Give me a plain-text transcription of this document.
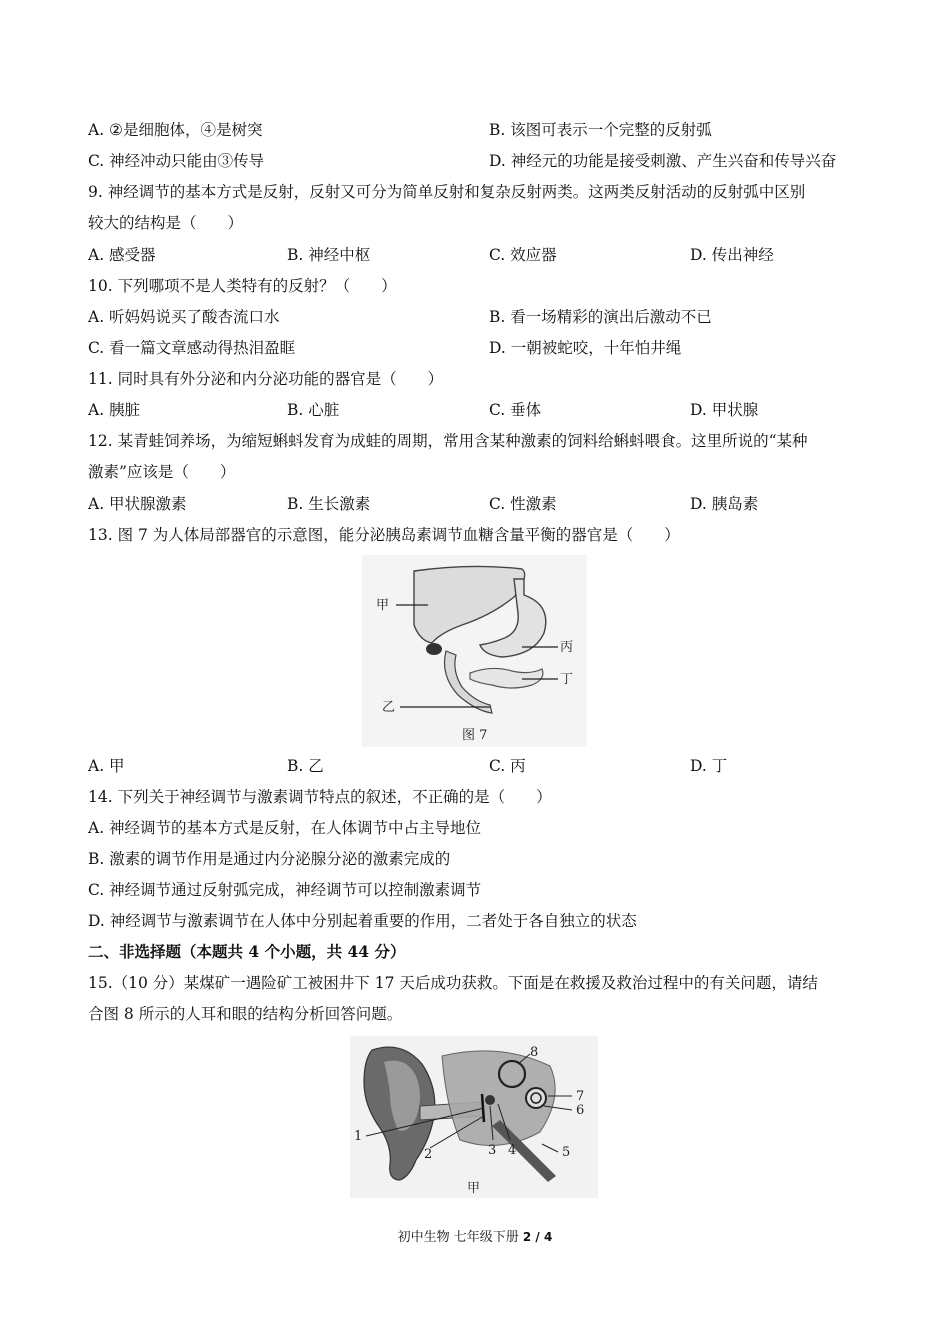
A. ②是细胞体，④是树突	B. 该图可表示一个完整的反射弧
C. 神经冲动只能由③传导	D. 神经元的功能是接受刺激、产生兴奋和传导兴奋
9. 神经调节的基本方式是反射，反射又可分为简单反射和复杂反射两类。这两类反射活动的反射弧中区别
较大的结构是（　　）
A. 感受器	B. 神经中枢	C. 效应器	D. 传出神经
10. 下列哪项不是人类特有的反射？（　　）
A. 听妈妈说买了酸杏流口水	B. 看一场精彩的演出后激动不已
C. 看一篇文章感动得热泪盈眶	D. 一朝被蛇咬，十年怕井绳
11. 同时具有外分泌和内分泌功能的器官是（　　）
A. 胰脏	B. 心脏	C. 垂体	D. 甲状腺
12. 某青蛙饲养场，为缩短蝌蚪发育为成蛙的周期，常用含某种激素的饲料给蝌蚪喂食。这里所说的“某种
激素”应该是（　　）
A. 甲状腺激素	B. 生长激素	C. 性激素	D. 胰岛素
13. 图 7 为人体局部器官的示意图，能分泌胰岛素调节血糖含量平衡的器官是（　　）
甲
丙
丁
乙
图 7
A. 甲	B. 乙	C. 丙	D. 丁
14. 下列关于神经调节与激素调节特点的叙述，不正确的是（　　）
A. 神经调节的基本方式是反射，在人体调节中占主导地位
B. 激素的调节作用是通过内分泌腺分泌的激素完成的
C. 神经调节通过反射弧完成，神经调节可以控制激素调节
D. 神经调节与激素调节在人体中分别起着重要的作用，二者处于各自独立的状态
二、非选择题（本题共 4 个小题，共 44 分）
15.（10 分）某煤矿一遇险矿工被困井下 17 天后成功获救。下面是在救援及救治过程中的有关问题，请结
合图 8 所示的人耳和眼的结构分析回答问题。
1
2	3 4	5
6
7
8
甲
初中生物 七年级下册 2 / 4
